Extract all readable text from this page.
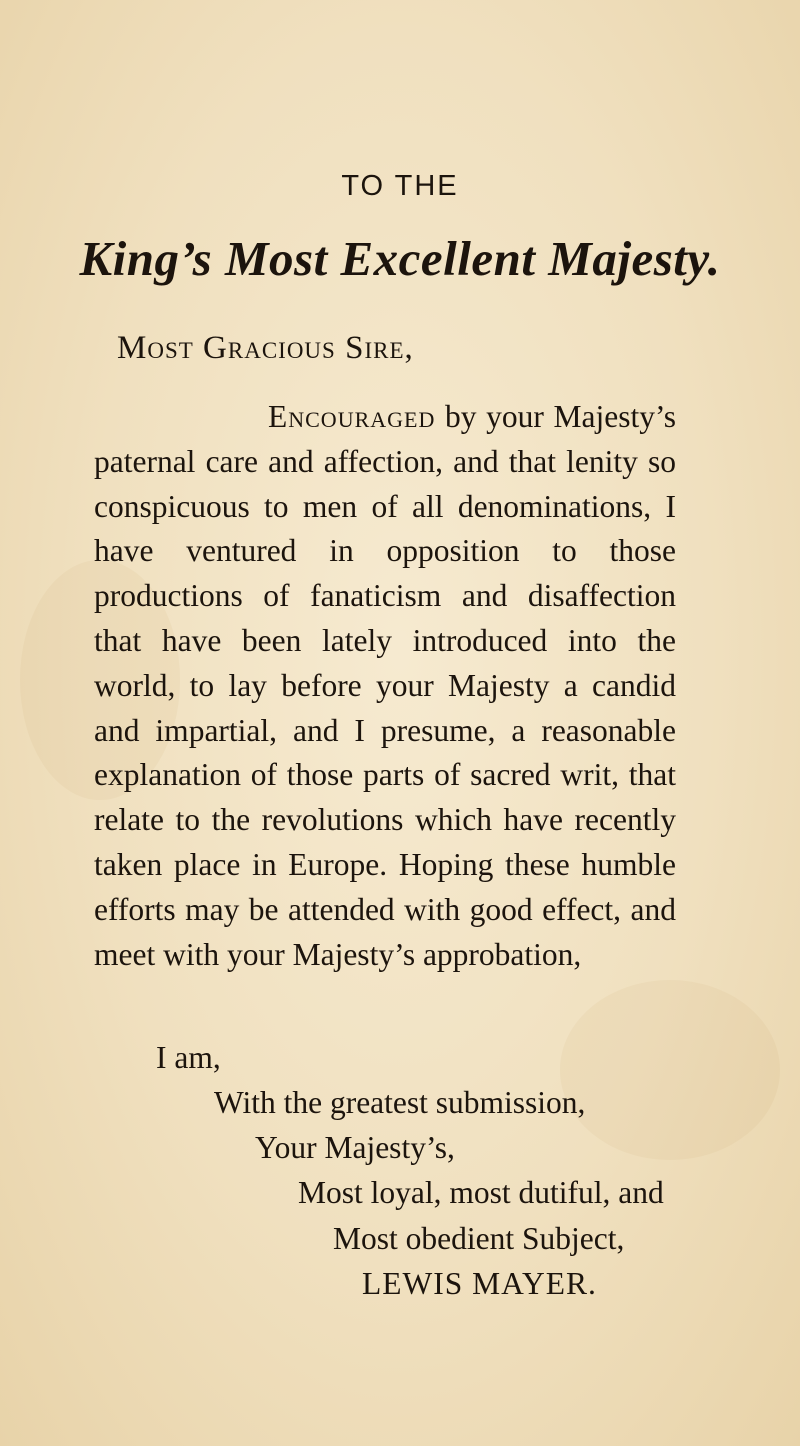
TO THE
King’s Most Excellent Majesty.
Most Gracious Sire,
Encouraged by your Majesty’s paternal care and affection, and that lenity so conspicuous to men of all denominations, I have ventured in opposition to those productions of fanaticism and disaffection that have been lately introduced into the world, to lay before your Majesty a candid and impartial, and I presume, a reasonable explanation of those parts of sacred writ, that relate to the revolutions which have recently taken place in Europe. Hoping these humble efforts may be attended with good effect, and meet with your Majesty’s approbation,
I am,
With the greatest submission,
Your Majesty’s,
Most loyal, most dutiful, and
Most obedient Subject,
LEWIS MAYER.
